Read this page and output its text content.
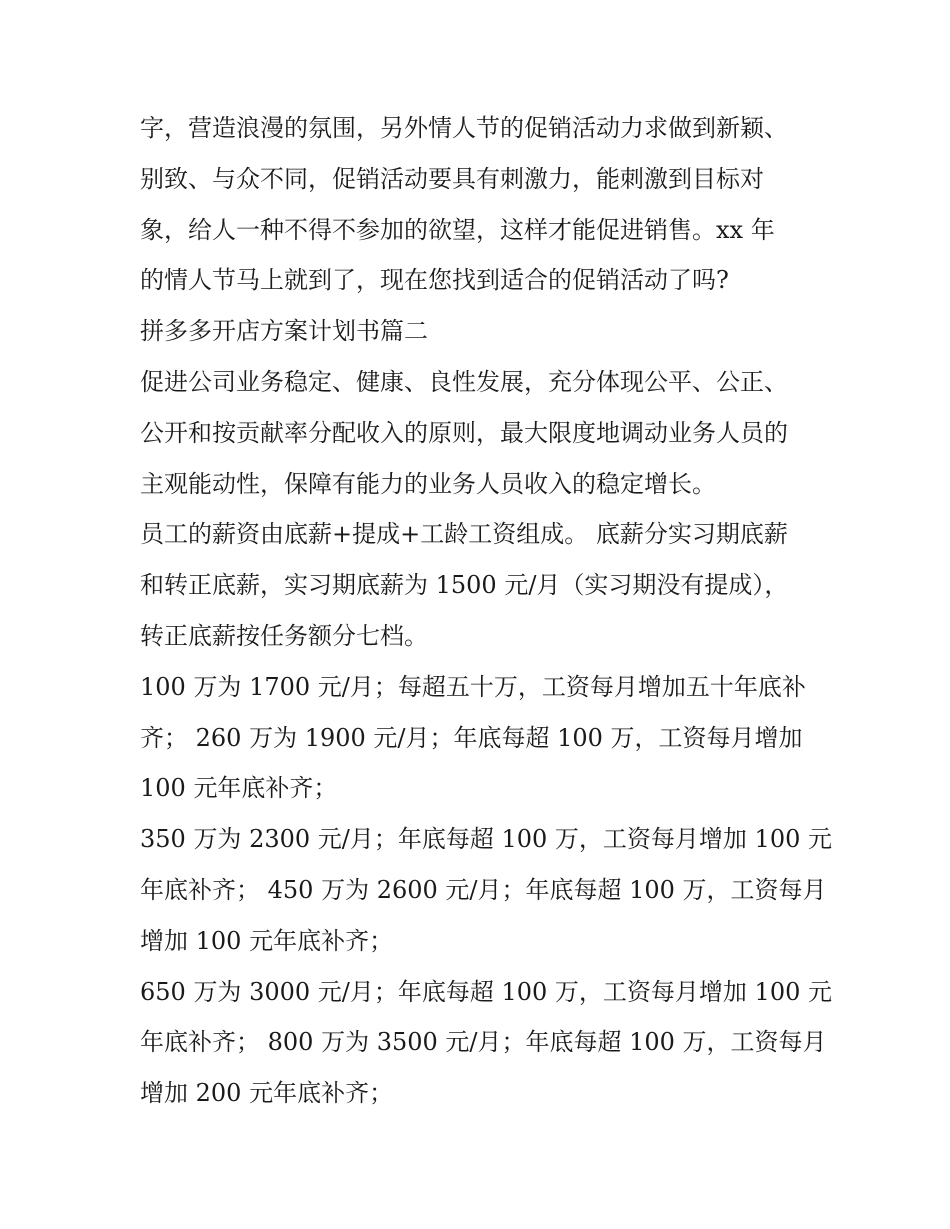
字，营造浪漫的氛围，另外情人节的促销活动力求做到新颖、

别致、与众不同，促销活动要具有刺激力，能刺激到目标对

象，给人一种不得不参加的欲望，这样才能促进销售。xx 年

的情人节马上就到了，现在您找到适合的促销活动了吗?

拼多多开店方案计划书篇二

促进公司业务稳定、健康、良性发展，充分体现公平、公正、

公开和按贡献率分配收入的原则，最大限度地调动业务人员的

主观能动性，保障有能力的业务人员收入的稳定增长。

员工的薪资由底薪+提成+工龄工资组成。 底薪分实习期底薪

和转正底薪，实习期底薪为 1500 元/月（实习期没有提成），

转正底薪按任务额分七档。

100 万为 1700 元/月；每超五十万，工资每月增加五十年底补

齐； 260 万为 1900 元/月；年底每超 100 万，工资每月增加

100 元年底补齐；

350 万为 2300 元/月；年底每超 100 万，工资每月增加 100 元

年底补齐； 450 万为 2600 元/月；年底每超 100 万，工资每月

增加 100 元年底补齐；

650 万为 3000 元/月；年底每超 100 万，工资每月增加 100 元

年底补齐； 800 万为 3500 元/月；年底每超 100 万，工资每月

增加 200 元年底补齐；
